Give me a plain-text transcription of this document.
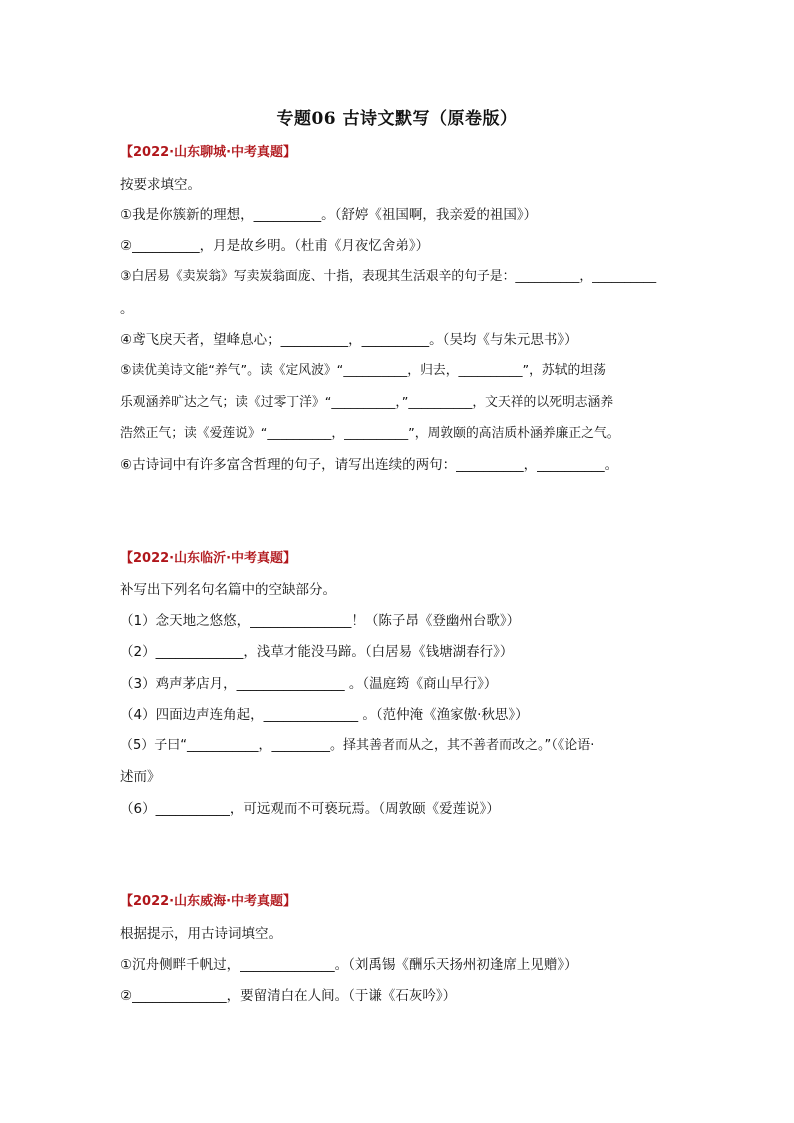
专题06 古诗文默写（原卷版）
【2022·山东聊城·中考真题】
按要求填空。
①我是你簇新的理想，__________。（舒婷《祖国啊，我亲爱的祖国》）
②__________，月是故乡明。（杜甫《月夜忆舍弟》）
③白居易《卖炭翁》写卖炭翁面庞、十指，表现其生活艰辛的句子是：__________，__________
。
④鸢飞戾天者，望峰息心；__________，__________。（吴均《与朱元思书》）
⑤读优美诗文能“养气”。读《定风波》“__________，归去，__________”，苏轼的坦荡
乐观涵养旷达之气；读《过零丁洋》“__________，”__________，文天祥的以死明志涵养
浩然正气；读《爱莲说》“__________，__________”，周敦颐的高洁质朴涵养廉正之气。
⑥古诗词中有许多富含哲理的句子，请写出连续的两句：__________，__________。
【2022·山东临沂·中考真题】
补写出下列名句名篇中的空缺部分。
（1）念天地之悠悠，_______________！（陈子昂《登幽州台歌》）
（2）_____________，浅草才能没马蹄。（白居易《钱塘湖春行》）
（3）鸡声茅店月，________________ 。（温庭筠《商山早行》）
（4）四面边声连角起，______________ 。（范仲淹《渔家傲·秋思》）
（5）子曰“___________，_________。择其善者而从之，其不善者而改之。”（《论语·
述而》
（6）___________，可远观而不可亵玩焉。（周敦颐《爱莲说》）
【2022·山东威海·中考真题】
根据提示，用古诗词填空。
①沉舟侧畔千帆过，______________。（刘禹锡《酬乐天扬州初逢席上见赠》）
②______________，要留清白在人间。（于谦《石灰吟》）
